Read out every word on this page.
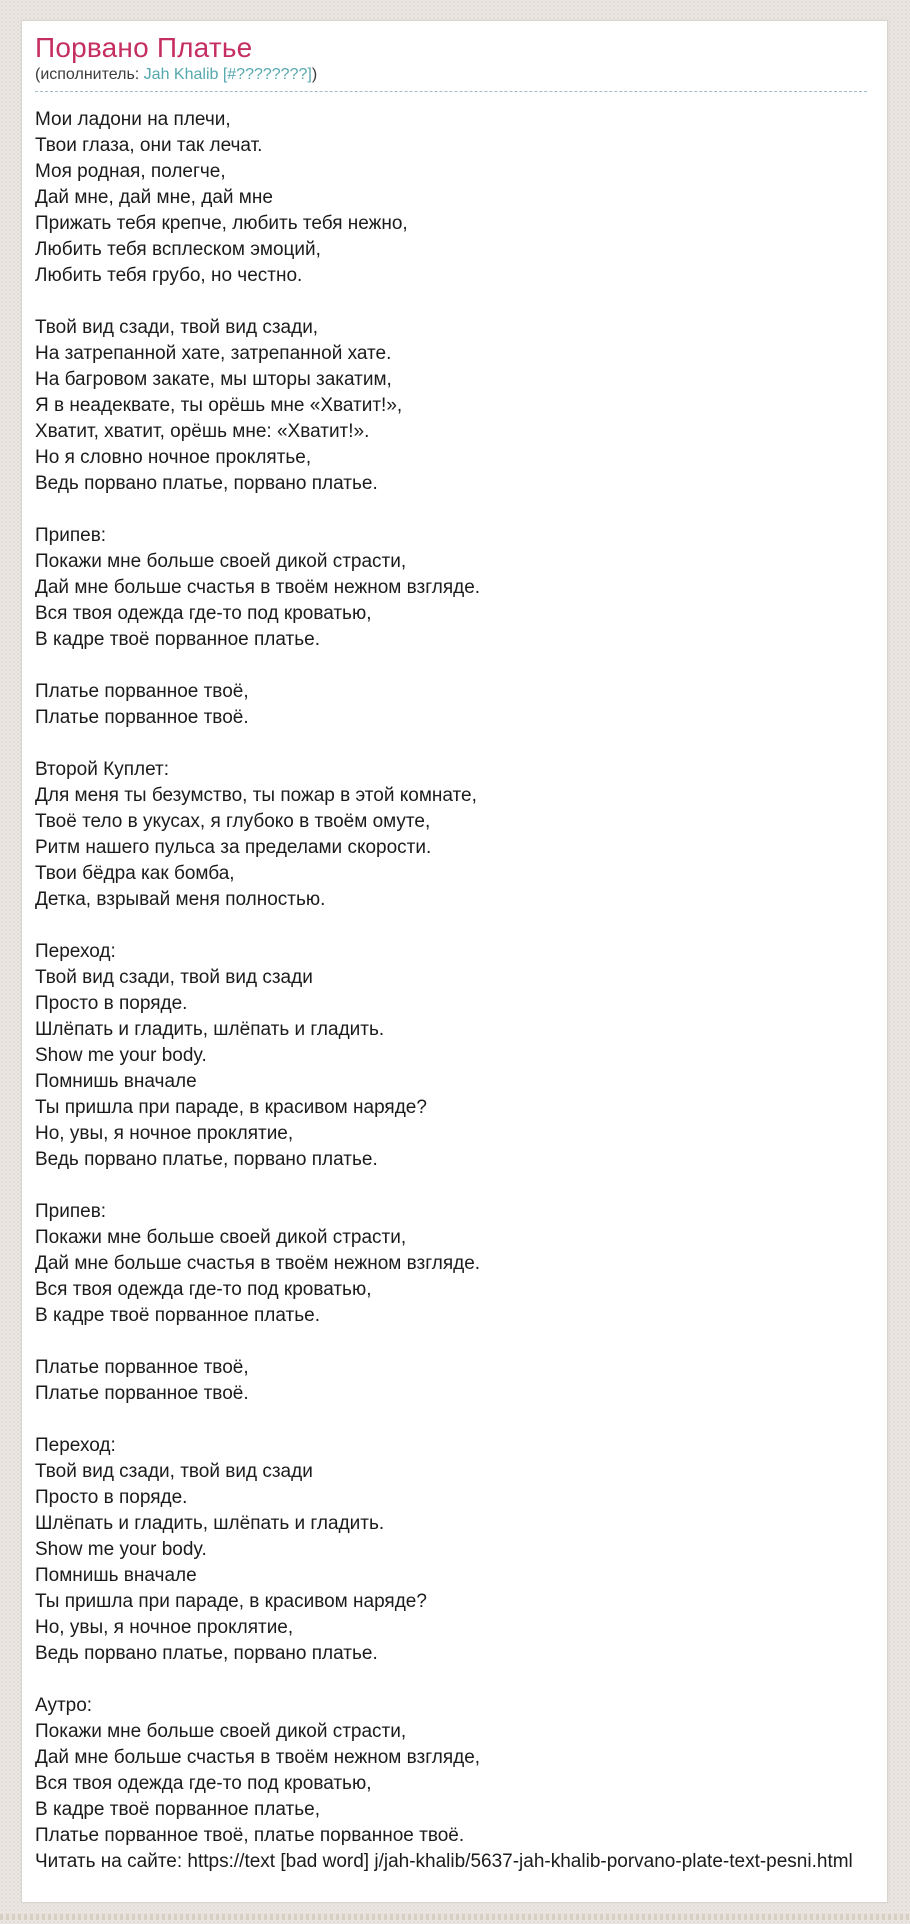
Порвано Платье
(исполнитель: Jah Khalib [#????????])
Мои ладони на плечи,
Твои глаза, они так лечат.
Моя родная, полегче,
Дай мне, дай мне, дай мне
Прижать тебя крепче, любить тебя нежно,
Любить тебя всплеском эмоций,
Любить тебя грубо, но честно.
Твой вид сзади, твой вид сзади,
На затрепанной хате, затрепанной хате.
На багровом закате, мы шторы закатим,
Я в неадеквате, ты орёшь мне «Хватит!»,
Хватит, хватит, орёшь мне: «Хватит!».
Но я словно ночное проклятье,
Ведь порвано платье, порвано платье.
Припев:
Покажи мне больше своей дикой страсти,
Дай мне больше счастья в твоём нежном взгляде.
Вся твоя одежда где-то под кроватью,
В кадре твоё порванное платье.
Платье порванное твоё,
Платье порванное твоё.
Второй Куплет:
Для меня ты безумство, ты пожар в этой комнате,
Твоё тело в укусах, я глубоко в твоём омуте,
Ритм нашего пульса за пределами скорости.
Твои бёдра как бомба,
Детка, взрывай меня полностью.
Переход:
Твой вид сзади, твой вид сзади
Просто в поряде.
Шлёпать и гладить, шлёпать и гладить.
Show me your body.
Помнишь вначале
Ты пришла при параде, в красивом наряде?
Но, увы, я ночное проклятие,
Ведь порвано платье, порвано платье.
Припев:
Покажи мне больше своей дикой страсти,
Дай мне больше счастья в твоём нежном взгляде.
Вся твоя одежда где-то под кроватью,
В кадре твоё порванное платье.
Платье порванное твоё,
Платье порванное твоё.
Переход:
Твой вид сзади, твой вид сзади
Просто в поряде.
Шлёпать и гладить, шлёпать и гладить.
Show me your body.
Помнишь вначале
Ты пришла при параде, в красивом наряде?
Но, увы, я ночное проклятие,
Ведь порвано платье, порвано платье.
Аутро:
Покажи мне больше своей дикой страсти,
Дай мне больше счастья в твоём нежном взгляде,
Вся твоя одежда где-то под кроватью,
В кадре твоё порванное платье,
Платье порванное твоё, платье порванное твоё.
Читать на сайте: https://text [bad word] j/jah-khalib/5637-jah-khalib-porvano-plate-text-pesni.html
